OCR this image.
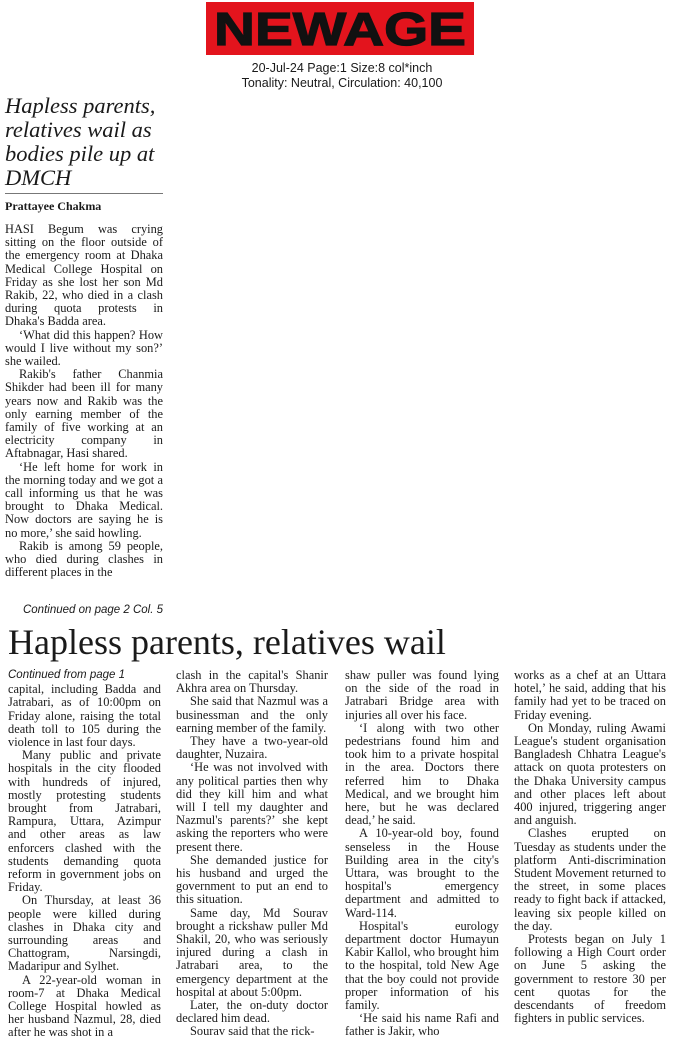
NEWAGE
20-Jul-24 Page:1 Size:8 col*inch
Tonality: Neutral, Circulation: 40,100
Hapless parents, relatives wail as bodies pile up at DMCH
Prattayee Chakma

HASI Begum was crying sitting on the floor outside of the emergency room at Dhaka Medical College Hospital on Friday as she lost her son Md Rakib, 22, who died in a clash during quota protests in Dhaka's Badda area.

‘What did this happen? How would I live without my son?’ she wailed.

Rakib's father Chanmia Shikder had been ill for many years now and Rakib was the only earning member of the family of five working at an electricity company in Aftabnagar, Hasi shared.

‘He left home for work in the morning today and we got a call informing us that he was brought to Dhaka Medical. Now doctors are saying he is no more,’ she said howling.

Rakib is among 59 people, who died during clashes in different places in the

Continued on page 2 Col. 5
Hapless parents, relatives wail
Continued from page 1

capital, including Badda and Jatrabari, as of 10:00pm on Friday alone, raising the total death toll to 105 during the violence in last four days.

Many public and private hospitals in the city flooded with hundreds of injured, mostly protesting students brought from Jatrabari, Rampura, Uttara, Azimpur and other areas as law enforcers clashed with the students demanding quota reform in government jobs on Friday.

On Thursday, at least 36 people were killed during clashes in Dhaka city and surrounding areas and Chattogram, Narsingdi, Madaripur and Sylhet.

A 22-year-old woman in room-7 at Dhaka Medical College Hospital howled as her husband Nazmul, 28, died after he was shot in a

clash in the capital's Shanir Akhra area on Thursday.

She said that Nazmul was a businessman and the only earning member of the family.

They have a two-year-old daughter, Nuzaira.

‘He was not involved with any political parties then why did they kill him and what will I tell my daughter and Nazmul's parents?’ she kept asking the reporters who were present there.

She demanded justice for his husband and urged the government to put an end to this situation.

Same day, Md Sourav brought a rickshaw puller Md Shakil, 20, who was seriously injured during a clash in Jatrabari area, to the emergency department at the hospital at about 5:00pm.

Later, the on-duty doctor declared him dead.

Sourav said that the rick-

shaw puller was found lying on the side of the road in Jatrabari Bridge area with injuries all over his face.

‘I along with two other pedestrians found him and took him to a private hospital in the area. Doctors there referred him to Dhaka Medical, and we brought him here, but he was declared dead,’ he said.

A 10-year-old boy, found senseless in the House Building area in the city's Uttara, was brought to the hospital's emergency department and admitted to Ward-114.

Hospital's eurology department doctor Humayun Kabir Kallol, who brought him to the hospital, told New Age that the boy could not provide proper information of his family.

‘He said his name Rafi and father is Jakir, who

works as a chef at an Uttara hotel,’ he said, adding that his family had yet to be traced on Friday evening.

On Monday, ruling Awami League's student organisation Bangladesh Chhatra League's attack on quota protesters on the Dhaka University campus and other places left about 400 injured, triggering anger and anguish.

Clashes erupted on Tuesday as students under the platform Anti-discrimination Student Movement returned to the street, in some places ready to fight back if attacked, leaving six people killed on the day.

Protests began on July 1 following a High Court order on June 5 asking the government to restore 30 per cent quotas for the descendants of freedom fighters in public services.
